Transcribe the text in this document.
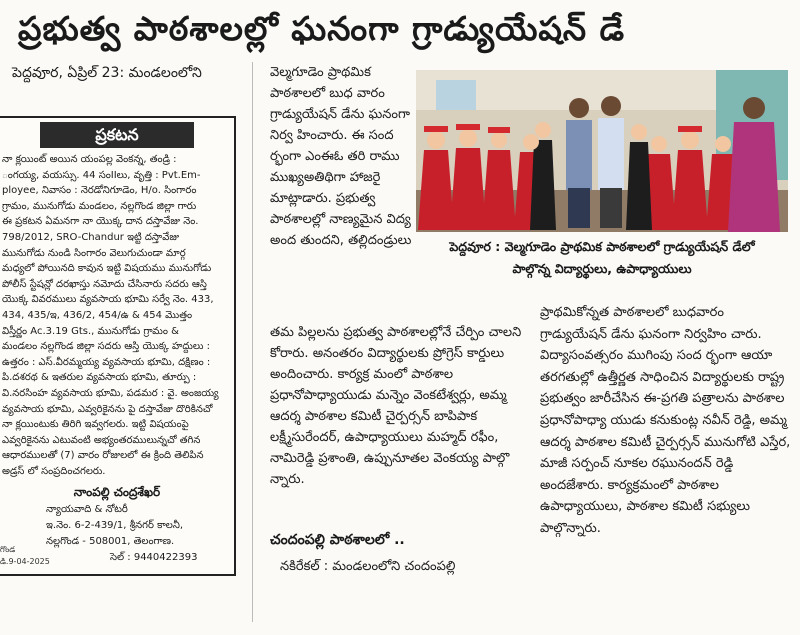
ప్రభుత్వ పాఠశాలల్లో ఘనంగా గ్రాడ్యుయేషన్ డే
పెద్దవూర, ఏప్రిల్ 23: మండలంలోని
ప్రకటన
నా క్లయింట్ అయిన యంపల్ల వెంకన్న, తండ్రి :
ంగయ్య, వయస్సు. 44 సంIIలు, వృత్తి : Pvt.Em-
ployee, నివాసం : నెరడోనిగూడెం, H/o. సింగారం
గ్రామం, మునుగోడు మండలం, నల్లగొండ జిల్లా గారు
ఈ ప్రకటన ఏమనగా నా యొక్క దాన దస్తావేజు నెం.
798/2012, SRO-Chandur ఇట్టి దస్తావేజు
మునుగోడు నుండి సింగారం వెలుగుచుండా మార్గ
మధ్యలో పోయినది కావున ఇట్టి విషయము మునుగోడు
పోలీస్ స్టేషన్లో దరఖాస్తు నమోదు చేసినారు సదరు ఆస్తి
యొక్క వివరములు వ్యవసాయ భూమి సర్వే నెం. 433,
434, 435/ఇ, 436/2, 454/ఉ & 454 మొత్తం
విస్తీర్ణం Ac.3.19 Gts., మునుగోడు గ్రామం &
మండలం నల్లగొండ జిల్లా సదరు ఆస్తి యొక్క హద్దులు :
ఉత్తరం : ఎస్.వీరమ్మయ్య వ్యవసాయ భూమి, దక్షిణం :
పి.దశరథ & ఇతరుల వ్యవసాయ భూమి, తూర్పు :
వి.నరసింహ వ్యవసాయ భూమి, పడమర : వై. అంజయ్య
వ్యవసాయ భూమి, ఎవ్వరికైనను పై దస్తావేజు దొరికినచో
నా క్లయింటుకు తిరిగి ఇవ్వగలరు. ఇట్టి విషయంపై
ఎవ్వరికైనను ఎటువంటి అభ్యంతరములున్నచో తగిన
ఆధారములతో (7) వారం రోజులలో ఈ క్రింది తెలిపిన
అడ్రస్ లో సంప్రదించగలరు.
నాంపల్లి చంద్రశేఖర్
న్యాయవాది & నోటరీ
ఇ.నెం. 6-2-439/1, శ్రీనగర్ కాలనీ,
నల్లగొండ - 508001, తెలంగాణ.
సెల్ : 9440422393
గొండ
డి.9-04-2025

వెల్మగూడెం ప్రాథమిక పాఠశాలలో బుధ వారం గ్రాడ్యుయేషన్ డేను ఘనంగా నిర్వ హించారు. ఈ సంద ర్భంగా ఎంఈఓ తరి రాము ముఖ్యఅతిథిగా హాజరై మాట్లాడారు. ప్రభుత్వ పాఠశాలల్లో నాణ్యమైన విద్య అంద తుందని, తల్లిదండ్రులు

తమ పిల్లలను ప్రభుత్వ పాఠశాలల్లోనే చేర్పిం చాలని కోరారు. అనంతరం విద్యార్థులకు ప్రోగ్రెస్ కార్డులు అందించారు. కార్యక్ర మంలో పాఠశాల ప్రధానోపాధ్యాయుడు మన్నెం వెంకటేశ్వర్లు, అమ్మ ఆదర్శ పాఠశాల కమిటీ చైర్పర్సన్ బాపిపాక లక్ష్మీసురేందర్, ఉపాధ్యాయులు మహ్మద్ రఫీం, నామిరెడ్డి ప్రశాంతి, ఉప్పునూతల వెంకయ్య పాల్గొ న్నారు.

చందంపల్లి పాఠశాలలో ..

నకిరేకల్ : మండలంలోని చందంపల్లి

పెద్దవూర : వెల్మగూడెం ప్రాథమిక పాఠశాలలో గ్రాడ్యుయేషన్ డేలో
పాల్గొన్న విద్యార్థులు, ఉపాధ్యాయులు

ప్రాథమికోన్నత పాఠశాలలో బుధవారం గ్రాడ్యుయేషన్ డేను ఘనంగా నిర్వహిం చారు. విద్యాసంవత్సరం ముగింపు సంద ర్భంగా ఆయా తరగతుల్లో ఉత్తీర్ణత సాధించిన విద్యార్థులకు రాష్ట్ర ప్రభుత్వం జారీచేసిన ఈ-ప్రగతి పత్రాలను పాఠశాల ప్రధానోపాధ్యా యుడు కనుకుంట్ల నవీన్ రెడ్డి, అమ్మ ఆదర్శ పాఠశాల కమిటీ చైర్పర్సన్ మునుగోటి ఎస్తేర, మాజీ సర్పంచ్ నూకల రఘునందన్ రెడ్డి అందజేశారు. కార్యక్రమంలో పాఠశాల ఉపాధ్యాయులు, పాఠశాల కమిటీ సభ్యులు పాల్గొన్నారు.
